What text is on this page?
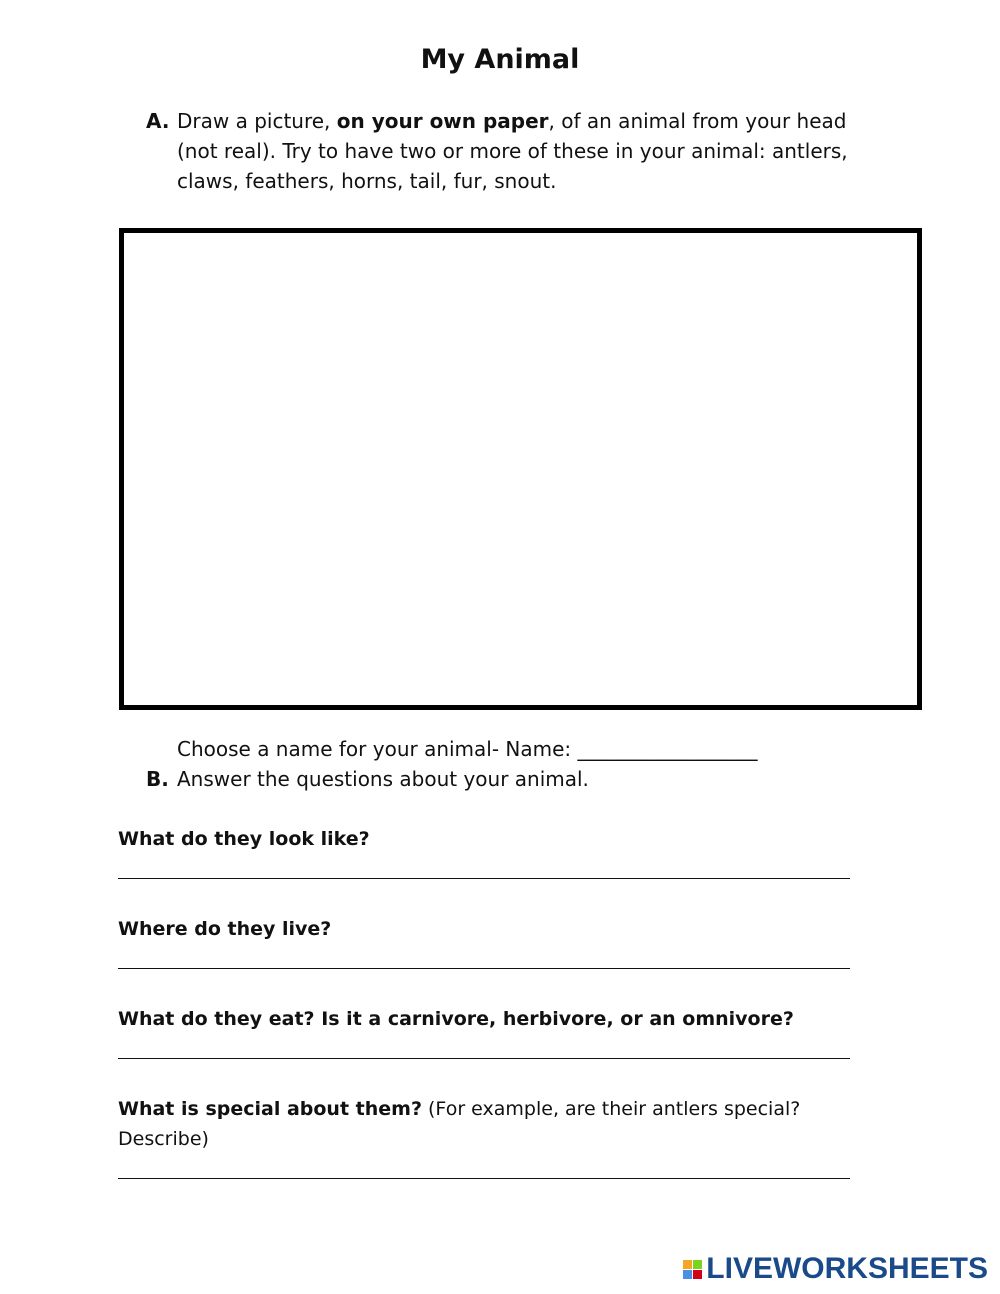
My Animal
A. Draw a picture, on your own paper, of an animal from your head (not real). Try to have two or more of these in your animal: antlers, claws, feathers, horns, tail, fur, snout.
Choose a name for your animal- Name: __________________
B. Answer the questions about your animal.
What do they look like?
Where do they live?
What do they eat? Is it a carnivore, herbivore, or an omnivore?
What is special about them? (For example, are their antlers special? Describe)
LIVEWORKSHEETS
